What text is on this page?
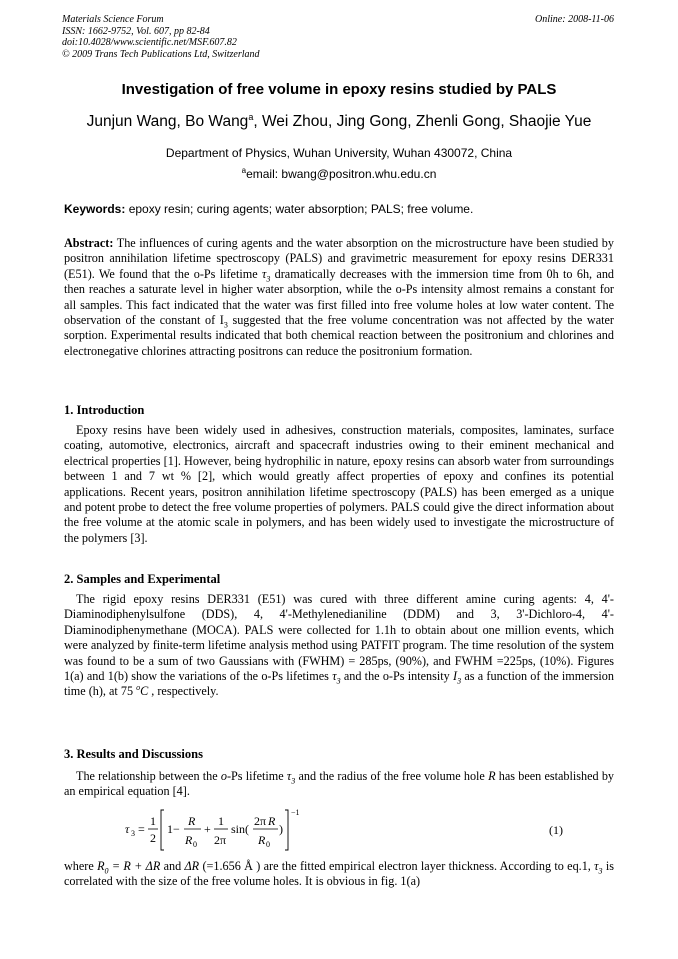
Materials Science Forum
ISSN: 1662-9752, Vol. 607, pp 82-84
doi:10.4028/www.scientific.net/MSF.607.82
© 2009 Trans Tech Publications Ltd, Switzerland
Online: 2008-11-06
Investigation of free volume in epoxy resins studied by PALS
Junjun Wang, Bo Wang$^a$, Wei Zhou, Jing Gong, Zhenli Gong, Shaojie Yue
Department of Physics, Wuhan University, Wuhan 430072, China
$^a$email: bwang@positron.whu.edu.cn
Keywords: epoxy resin; curing agents; water absorption; PALS; free volume.
Abstract: The influences of curing agents and the water absorption on the microstructure have been studied by positron annihilation lifetime spectroscopy (PALS) and gravimetric measurement for epoxy resins DER331 (E51). We found that the o-Ps lifetime $\tau_3$ dramatically decreases with the immersion time from 0h to 6h, and then reaches a saturate level in higher water absorption, while the o-Ps intensity almost remains a constant for all samples. This fact indicated that the water was first filled into free volume holes at low water content. The observation of the constant of $I_3$ suggested that the free volume concentration was not affected by the water sorption. Experimental results indicated that both chemical reaction between the positronium and chlorines and electronegative chlorines attracting positrons can reduce the positronium formation.
1. Introduction
Epoxy resins have been widely used in adhesives, construction materials, composites, laminates, surface coating, automotive, electronics, aircraft and spacecraft industries owing to their eminent mechanical and electrical properties [1]. However, being hydrophilic in nature, epoxy resins can absorb water from surroundings between 1 and 7 wt % [2], which would greatly affect properties of epoxy and confines its potential applications. Recent years, positron annihilation lifetime spectroscopy (PALS) has been emerged as a unique and potent probe to detect the free volume properties of polymers. PALS could give the direct information about the free volume at the atomic scale in polymers, and has been widely used to investigate the microstructure of the polymers [3].
2. Samples and Experimental
The rigid epoxy resins DER331 (E51) was cured with three different amine curing agents: 4, 4'-Diaminodiphenylsulfone (DDS), 4, 4'-Methylenedianiline (DDM) and 3, 3'-Dichloro-4, 4'-Diaminodiphenymethane (MOCA). PALS were collected for 1.1h to obtain about one million events, which were analyzed by finite-term lifetime analysis method using PATFIT program. The time resolution of the system was found to be a sum of two Gaussians with (FWHM) = 285ps, (90%), and FWHM =225ps, (10%). Figures 1(a) and 1(b) show the variations of the o-Ps lifetimes $\tau_3$ and the o-Ps intensity $I_3$ as a function of the immersion time (h), at 75 $^o$C , respectively.
3. Results and Discussions
The relationship between the o-Ps lifetime $\tau_3$ and the radius of the free volume hole R has been established by an empirical equation [4].
τ 3 =
1
2
1−
R
R 0
+
1
2π
sin(
2π R
R 0
)
−1
(1)
where $R_0 = R + \Delta R$ and ΔR (=1.656 Å ) are the fitted empirical electron layer thickness. According to eq.1, $\tau_3$ is correlated with the size of the free volume holes. It is obvious in fig. 1(a)
